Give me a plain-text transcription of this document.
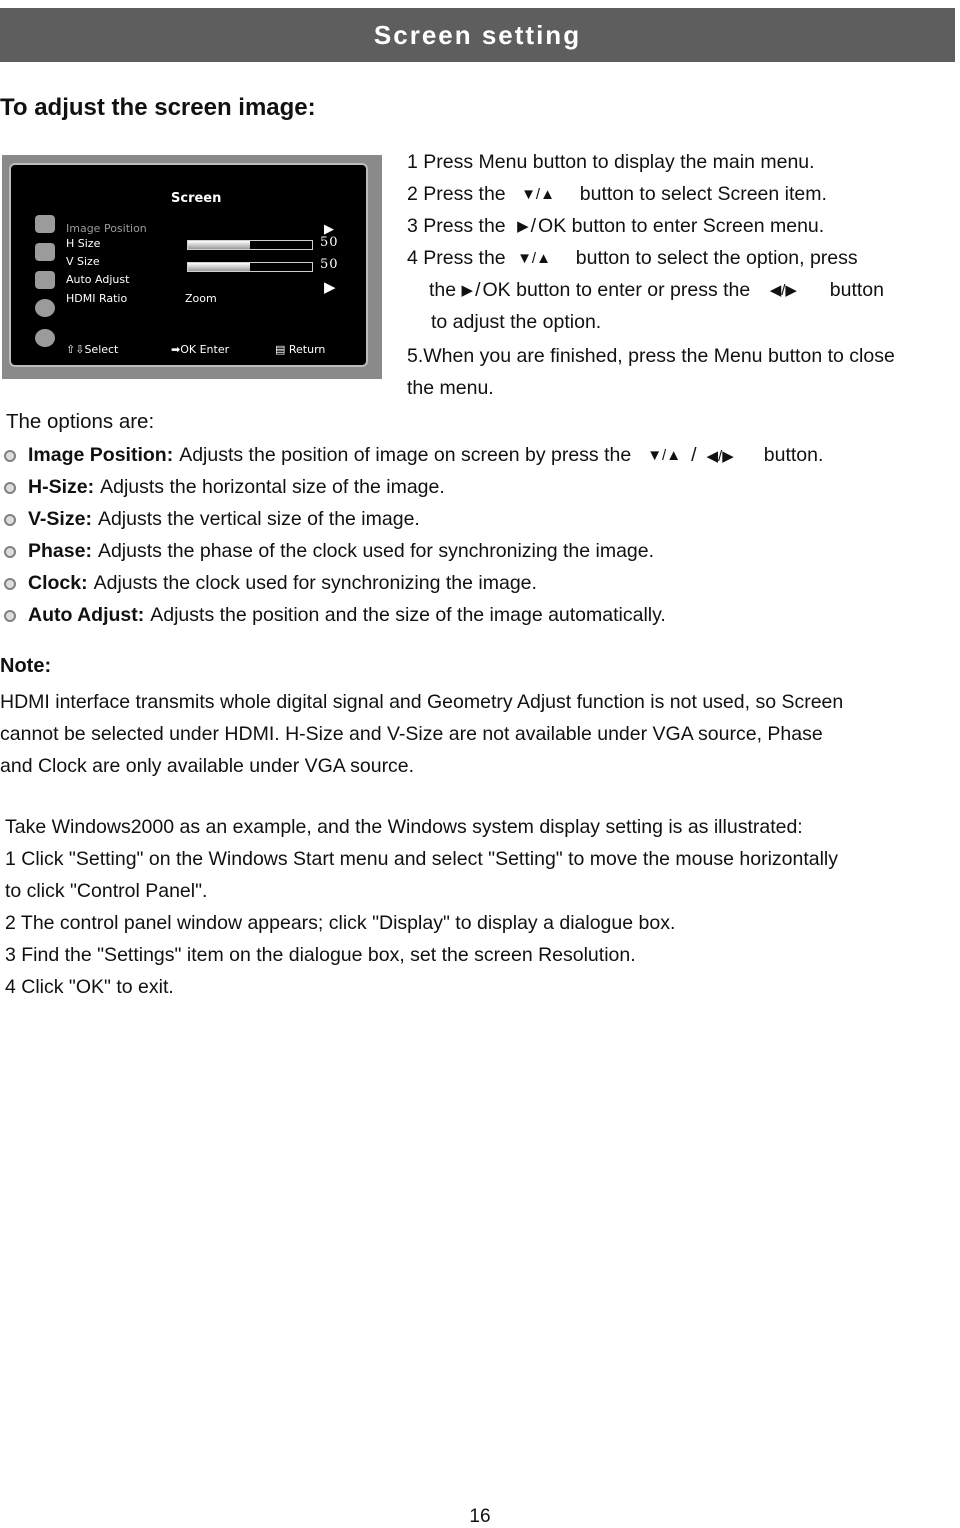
Screen setting
To adjust the screen image:
Screen
Image Position
H Size
V Size
Auto Adjust
HDMI Ratio
▶
50
50
Zoom
▶
⇧⇩Select	➡OK Enter	▤ Return
1 Press Menu button to display the main menu.
2 Press the ▼/▲ button to select Screen item.
3 Press the ▶ / OK button to enter Screen menu.
4 Press the ▼/▲ button to select the option, press
the ▶ / OK button to enter or press the ◀/▶ button
to adjust the option.
5.When you are finished, press the Menu button to close
the menu.
The options are:
Image Position: Adjusts the position of image on screen by press the ▼/▲ / ◀/▶ button.
H-Size: Adjusts the horizontal size of the image.
V-Size: Adjusts the vertical size of the image.
Phase: Adjusts the phase of the clock used for synchronizing the image.
Clock: Adjusts the clock used for synchronizing the image.
Auto Adjust: Adjusts the position and the size of the image automatically.
Note:
HDMI interface transmits whole digital signal and Geometry Adjust function is not used, so Screen
cannot be selected under HDMI. H-Size and V-Size are not available under VGA source, Phase
and Clock are only available under VGA source.
Take Windows2000 as an example, and the Windows system display setting is as illustrated:
1 Click "Setting" on the Windows Start menu and select "Setting" to move the mouse horizontally
to click "Control Panel".
2 The control panel window appears; click "Display" to display a dialogue box.
3 Find the "Settings" item on the dialogue box, set the screen Resolution.
4 Click "OK" to exit.
16
